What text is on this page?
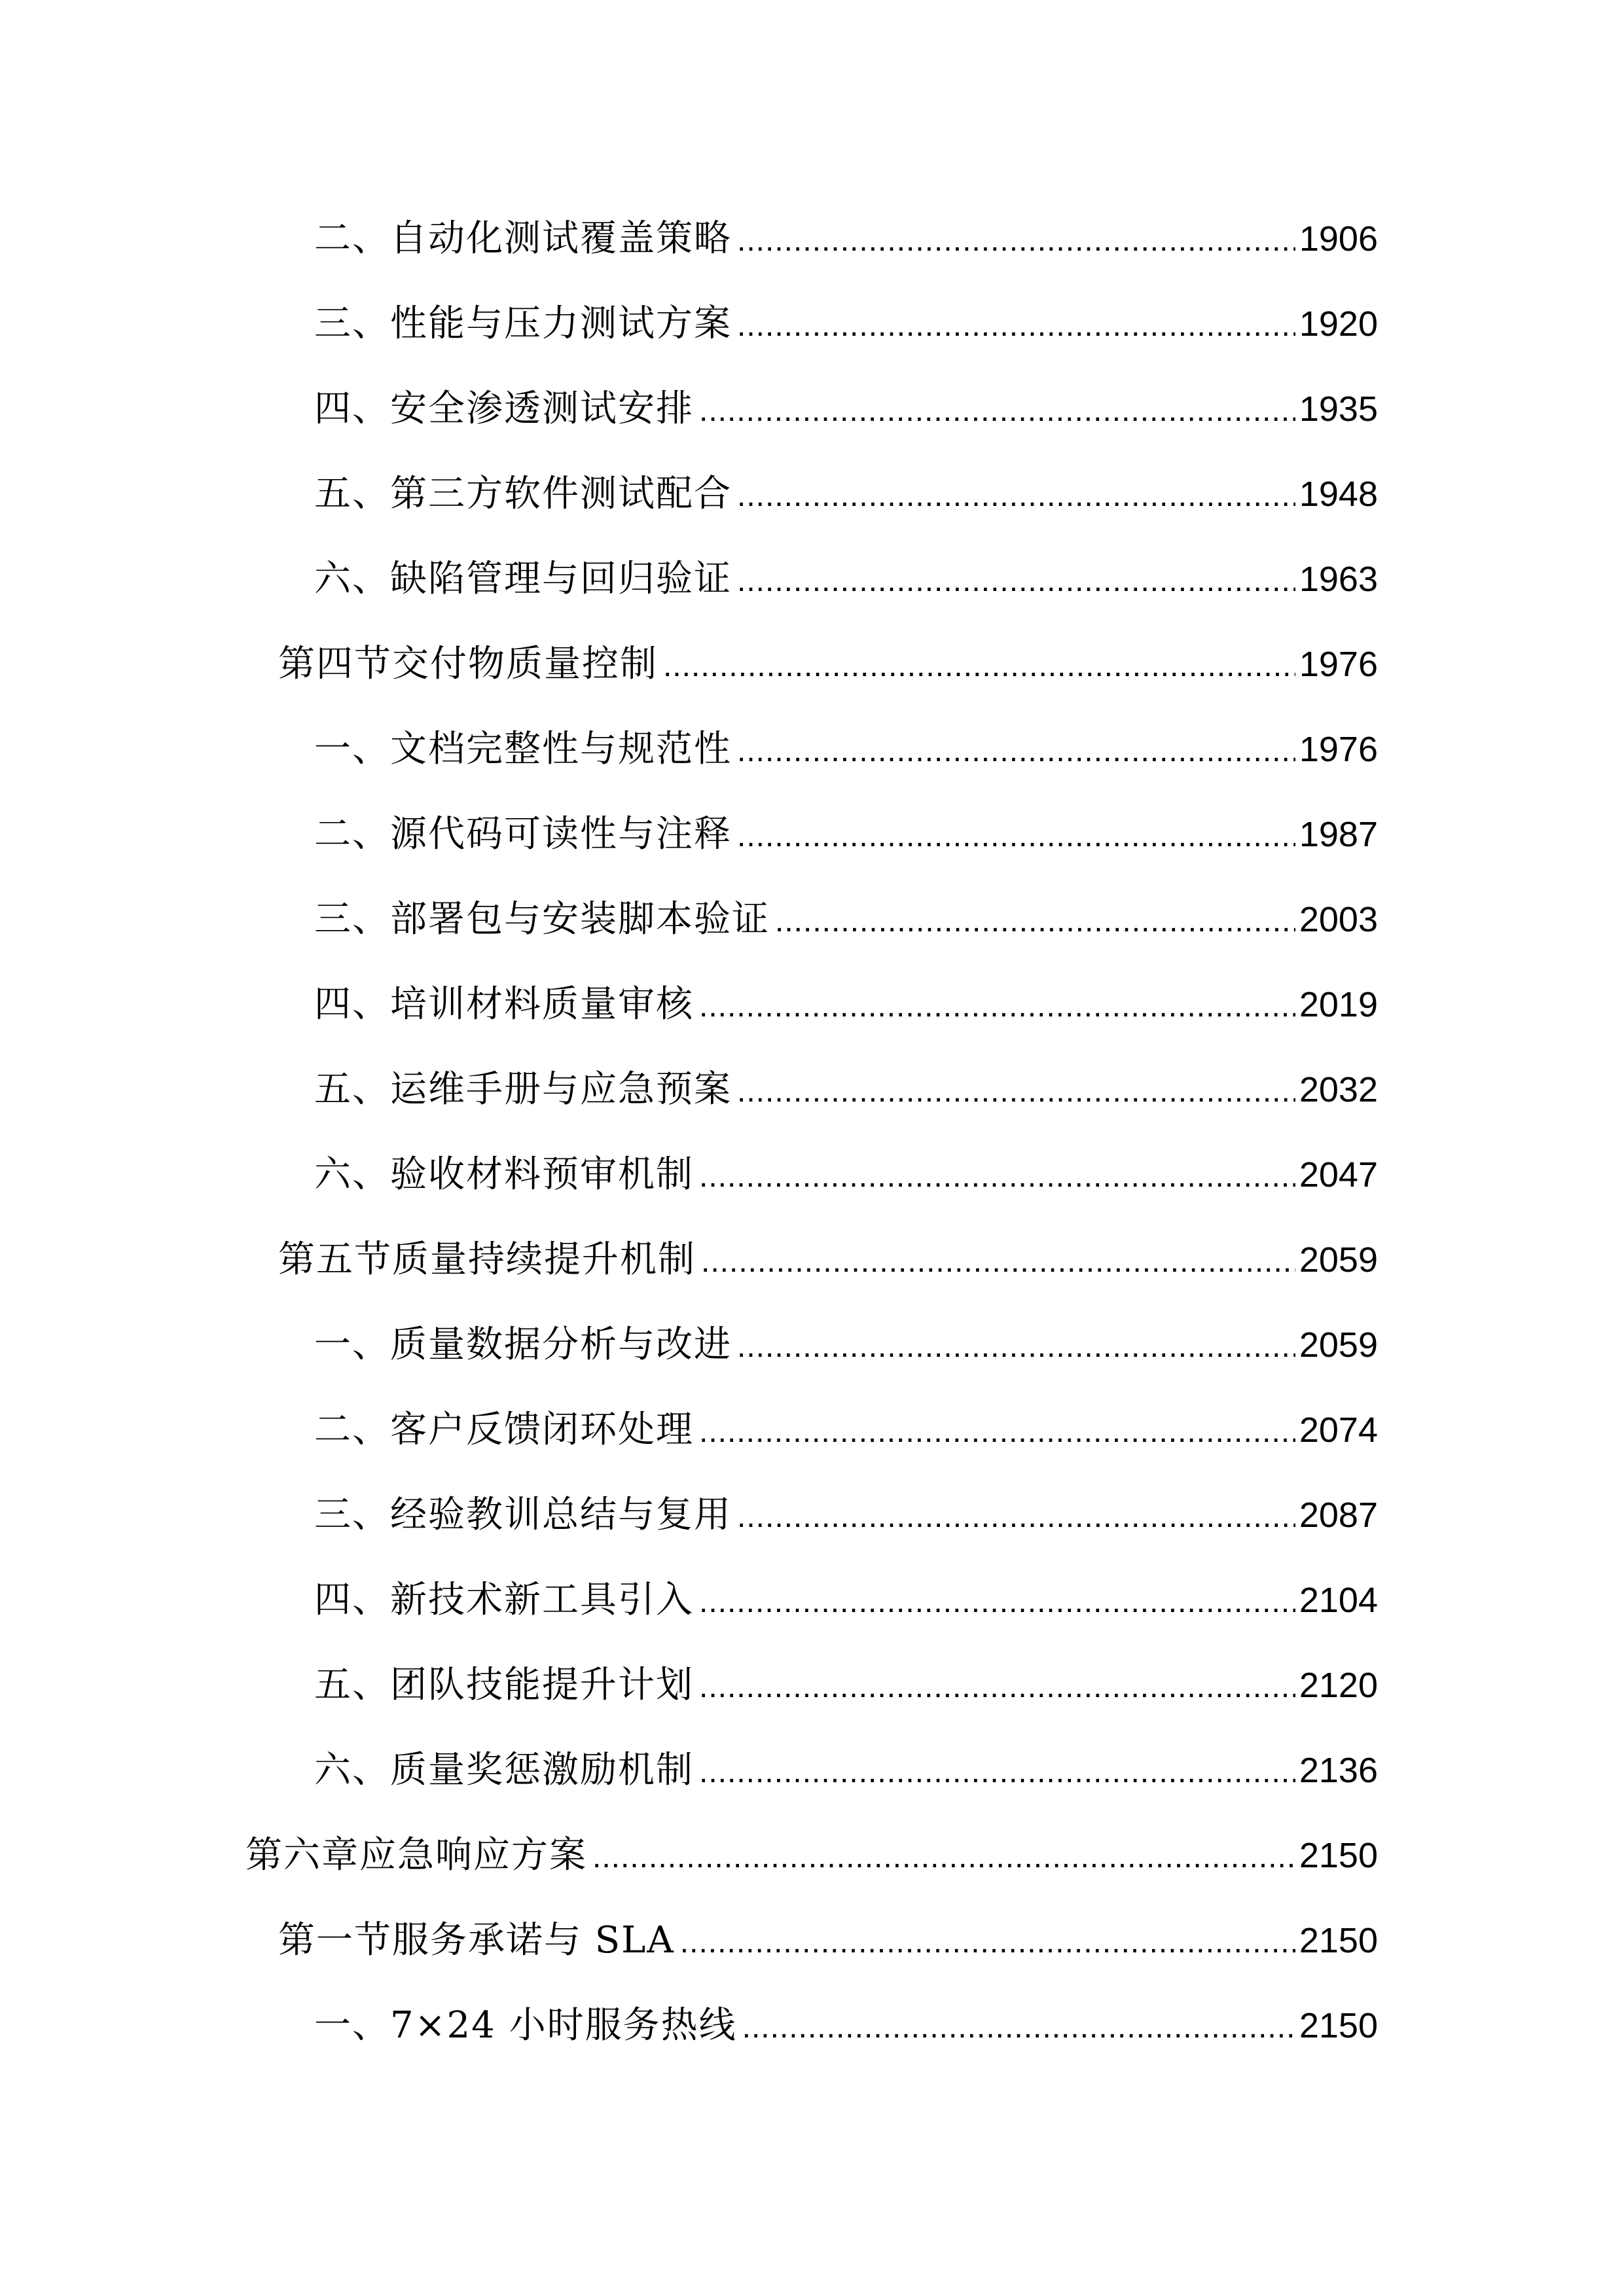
二、自动化测试覆盖策略 .....	1906
三、性能与压力测试方案 .....	1920
四、安全渗透测试安排 .....	1935
五、第三方软件测试配合 .....	1948
六、缺陷管理与回归验证 .....	1963
第四节交付物质量控制 .....	1976
一、文档完整性与规范性 .....	1976
二、源代码可读性与注释 .....	1987
三、部署包与安装脚本验证 .....	2003
四、培训材料质量审核 .....	2019
五、运维手册与应急预案 .....	2032
六、验收材料预审机制 .....	2047
第五节质量持续提升机制 .....	2059
一、质量数据分析与改进 .....	2059
二、客户反馈闭环处理 .....	2074
三、经验教训总结与复用 .....	2087
四、新技术新工具引入 .....	2104
五、团队技能提升计划 .....	2120
六、质量奖惩激励机制 .....	2136
第六章应急响应方案 .....	2150
第一节服务承诺与 SLA .....	2150
一、7×24 小时服务热线 .....	2150
